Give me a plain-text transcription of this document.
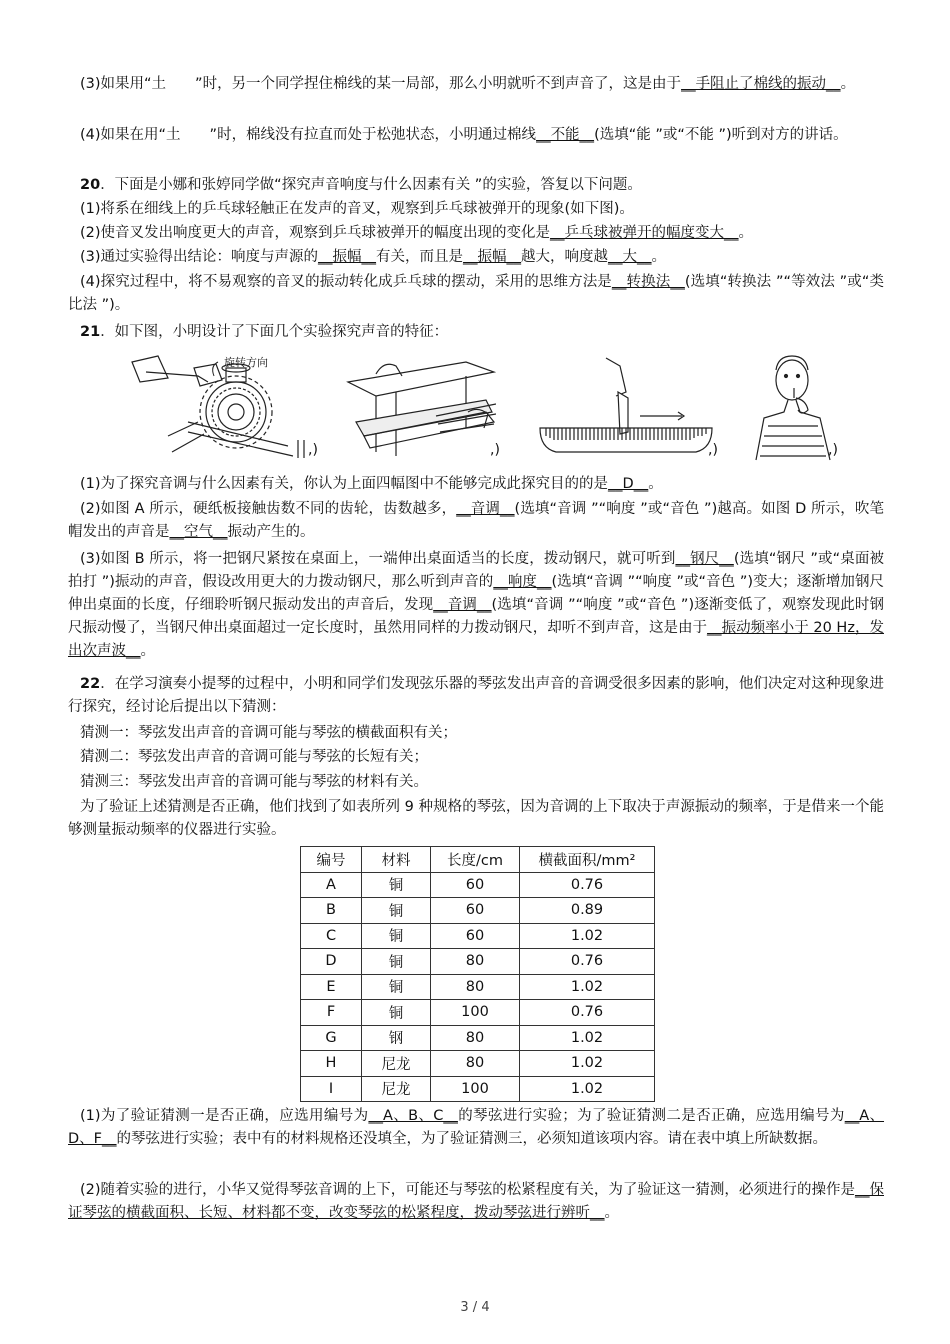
(3)如果用“土　　”时，另一个同学捏住棉线的某一局部，那么小明就听不到声音了，这是由于__手阻止了棉线的振动__。
(4)如果在用“土　　”时，棉线没有拉直而处于松弛状态，小明通过棉线__不能__(选填“能 ”或“不能 ”)听到对方的讲话。
20．下面是小娜和张婷同学做“探究声音响度与什么因素有关 ”的实验，答复以下问题。
(1)将系在细线上的乒乓球轻触正在发声的音叉，观察到乒乓球被弹开的现象(如下图)。
(2)使音叉发出响度更大的声音，观察到乒乓球被弹开的幅度出现的变化是__乒乓球被弹开的幅度变大__。
(3)通过实验得出结论：响度与声源的__振幅__有关，而且是__振幅__越大，响度越__大__。
(4)探究过程中，将不易观察的音叉的振动转化成乒乓球的摆动，采用的思维方法是__转换法__(选填“转换法 ”“等效法 ”或“类比法 ”)。
21．如下图，小明设计了下面几个实验探究声音的特征：
旋转方向
,)	,)	,)	,)
(1)为了探究音调与什么因素有关，你认为上面四幅图中不能够完成此探究目的的是__D__。
(2)如图 A 所示，硬纸板接触齿数不同的齿轮，齿数越多，__音调__(选填“音调 ”“响度 ”或“音色 ”)越高。如图 D 所示，吹笔帽发出的声音是__空气__振动产生的。
(3)如图 B 所示，将一把钢尺紧按在桌面上，一端伸出桌面适当的长度，拨动钢尺，就可听到__钢尺__(选填“钢尺 ”或“桌面被拍打 ”)振动的声音，假设改用更大的力拨动钢尺，那么听到声音的__响度__(选填“音调 ”“响度 ”或“音色 ”)变大；逐渐增加钢尺伸出桌面的长度，仔细聆听钢尺振动发出的声音后，发现__音调__(选填“音调 ”“响度 ”或“音色 ”)逐渐变低了，观察发现此时钢尺振动慢了，当钢尺伸出桌面超过一定长度时，虽然用同样的力拨动钢尺，却听不到声音，这是由于__振动频率小于 20 Hz，发出次声波__。
22．在学习演奏小提琴的过程中，小明和同学们发现弦乐器的琴弦发出声音的音调受很多因素的影响，他们决定对这种现象进行探究，经讨论后提出以下猜测：
猜测一：琴弦发出声音的音调可能与琴弦的横截面积有关；
猜测二：琴弦发出声音的音调可能与琴弦的长短有关；
猜测三：琴弦发出声音的音调可能与琴弦的材料有关。
为了验证上述猜测是否正确，他们找到了如表所列 9 种规格的琴弦，因为音调的上下取决于声源振动的频率，于是借来一个能够测量振动频率的仪器进行实验。
编号	材料	长度/cm	横截面积/mm²
A	铜	60	0.76
B	铜	60	0.89
C	铜	60	1.02
D	铜	80	0.76
E	铜	80	1.02
F	铜	100	0.76
G	钢	80	1.02
H	尼龙	80	1.02
I	尼龙	100	1.02
(1)为了验证猜测一是否正确，应选用编号为__A、B、C__的琴弦进行实验；为了验证猜测二是否正确，应选用编号为__A、D、F__的琴弦进行实验；表中有的材料规格还没填全，为了验证猜测三，必须知道该项内容。请在表中填上所缺数据。
(2)随着实验的进行，小华又觉得琴弦音调的上下，可能还与琴弦的松紧程度有关，为了验证这一猜测，必须进行的操作是__保证琴弦的横截面积、长短、材料都不变，改变琴弦的松紧程度，拨动琴弦进行辨听__。
3 / 4
